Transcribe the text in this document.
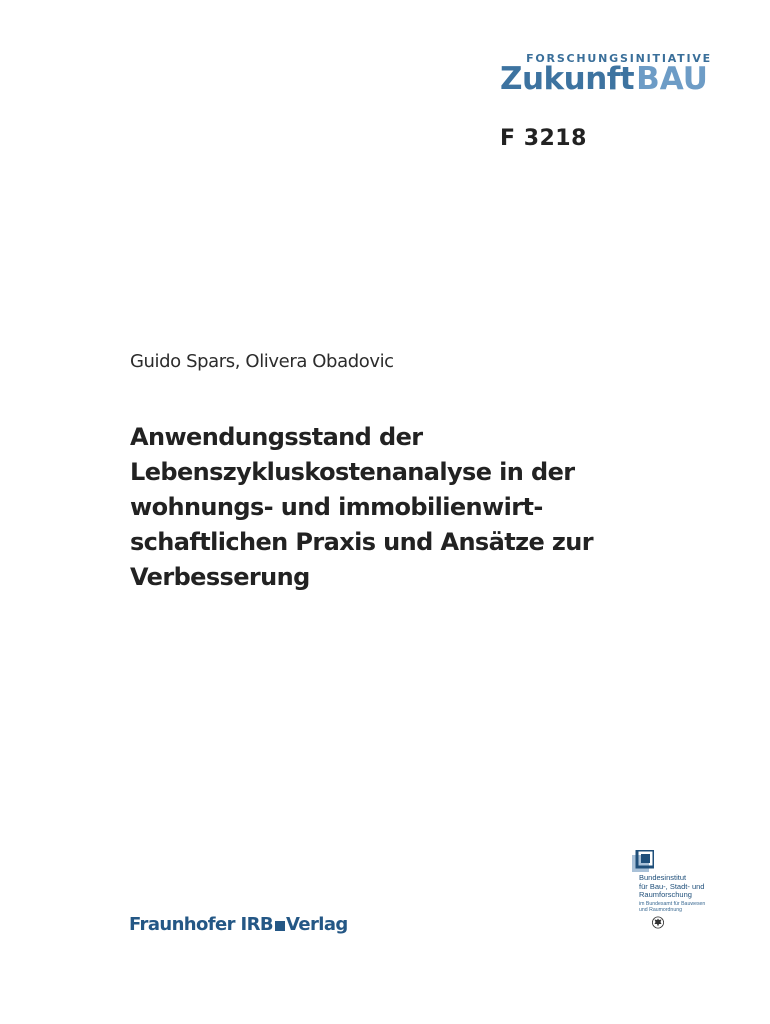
FORSCHUNGSINITIATIVE
ZukunftBAU
F 3218
Guido Spars, Olivera Obadovic
Anwendungsstand der
Lebenszykluskostenanalyse in der
wohnungs- und immobilienwirt-
schaftlichen Praxis und Ansätze zur
Verbesserung
Bundesinstitut
für Bau-, Stadt- und
Raumforschung
im Bundesamt für Bauwesen
und Raumordnung
Fraunhofer IRB Verlag
